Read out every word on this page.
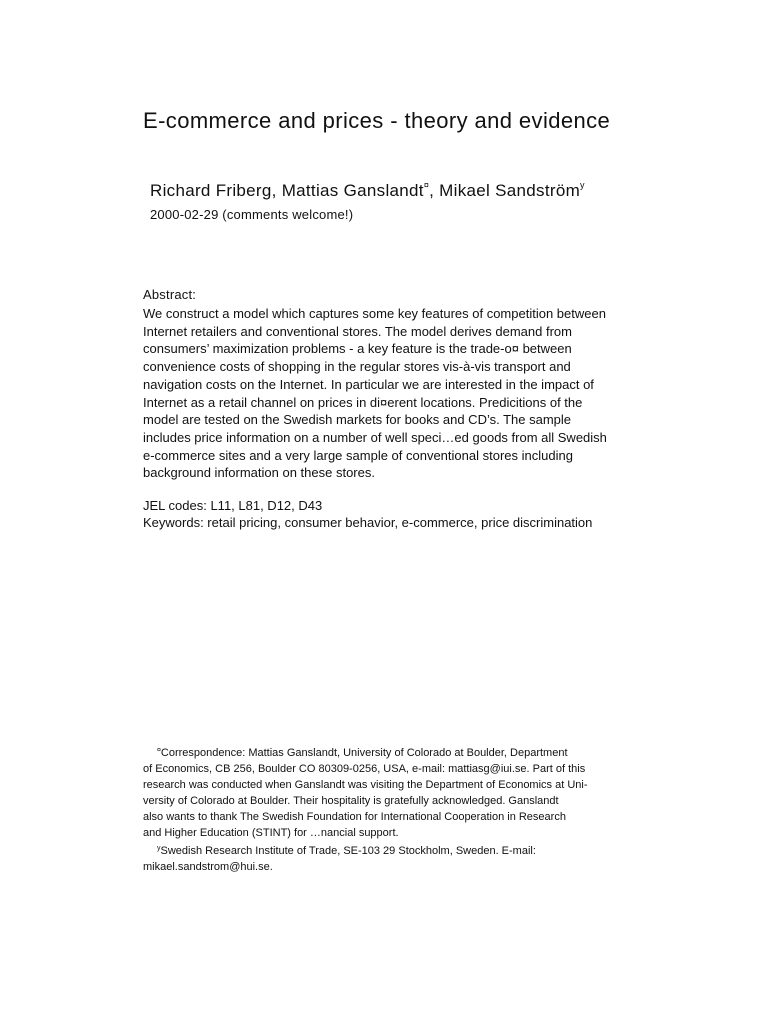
E-commerce and prices - theory and evidence
Richard Friberg, Mattias Ganslandt¤, Mikael Sandström$^y$
2000-02-29 (comments welcome!)
Abstract:
We construct a model which captures some key features of competition between
Internet retailers and conventional stores. The model derives demand from
consumers’ maximization problems - a key feature is the trade-o¤ between
convenience costs of shopping in the regular stores vis-à-vis transport and
navigation costs on the Internet. In particular we are interested in the impact of
Internet as a retail channel on prices in di¤erent locations. Predicitions of the
model are tested on the Swedish markets for books and CD’s. The sample
includes price information on a number of well speci…ed goods from all Swedish
e-commerce sites and a very large sample of conventional stores including
background information on these stores.
JEL codes: L11, L81, D12, D43
Keywords: retail pricing, consumer behavior, e-commerce, price discrimination
¤Correspondence: Mattias Ganslandt, University of Colorado at Boulder, Department
of Economics, CB 256, Boulder CO 80309-0256, USA, e-mail: mattiasg@iui.se. Part of this
research was conducted when Ganslandt was visiting the Department of Economics at Uni-
versity of Colorado at Boulder. Their hospitality is gratefully acknowledged. Ganslandt
also wants to thank The Swedish Foundation for International Cooperation in Research
and Higher Education (STINT) for …nancial support.
$^y$Swedish Research Institute of Trade, SE-103 29 Stockholm, Sweden. E-mail:
mikael.sandstrom@hui.se.
